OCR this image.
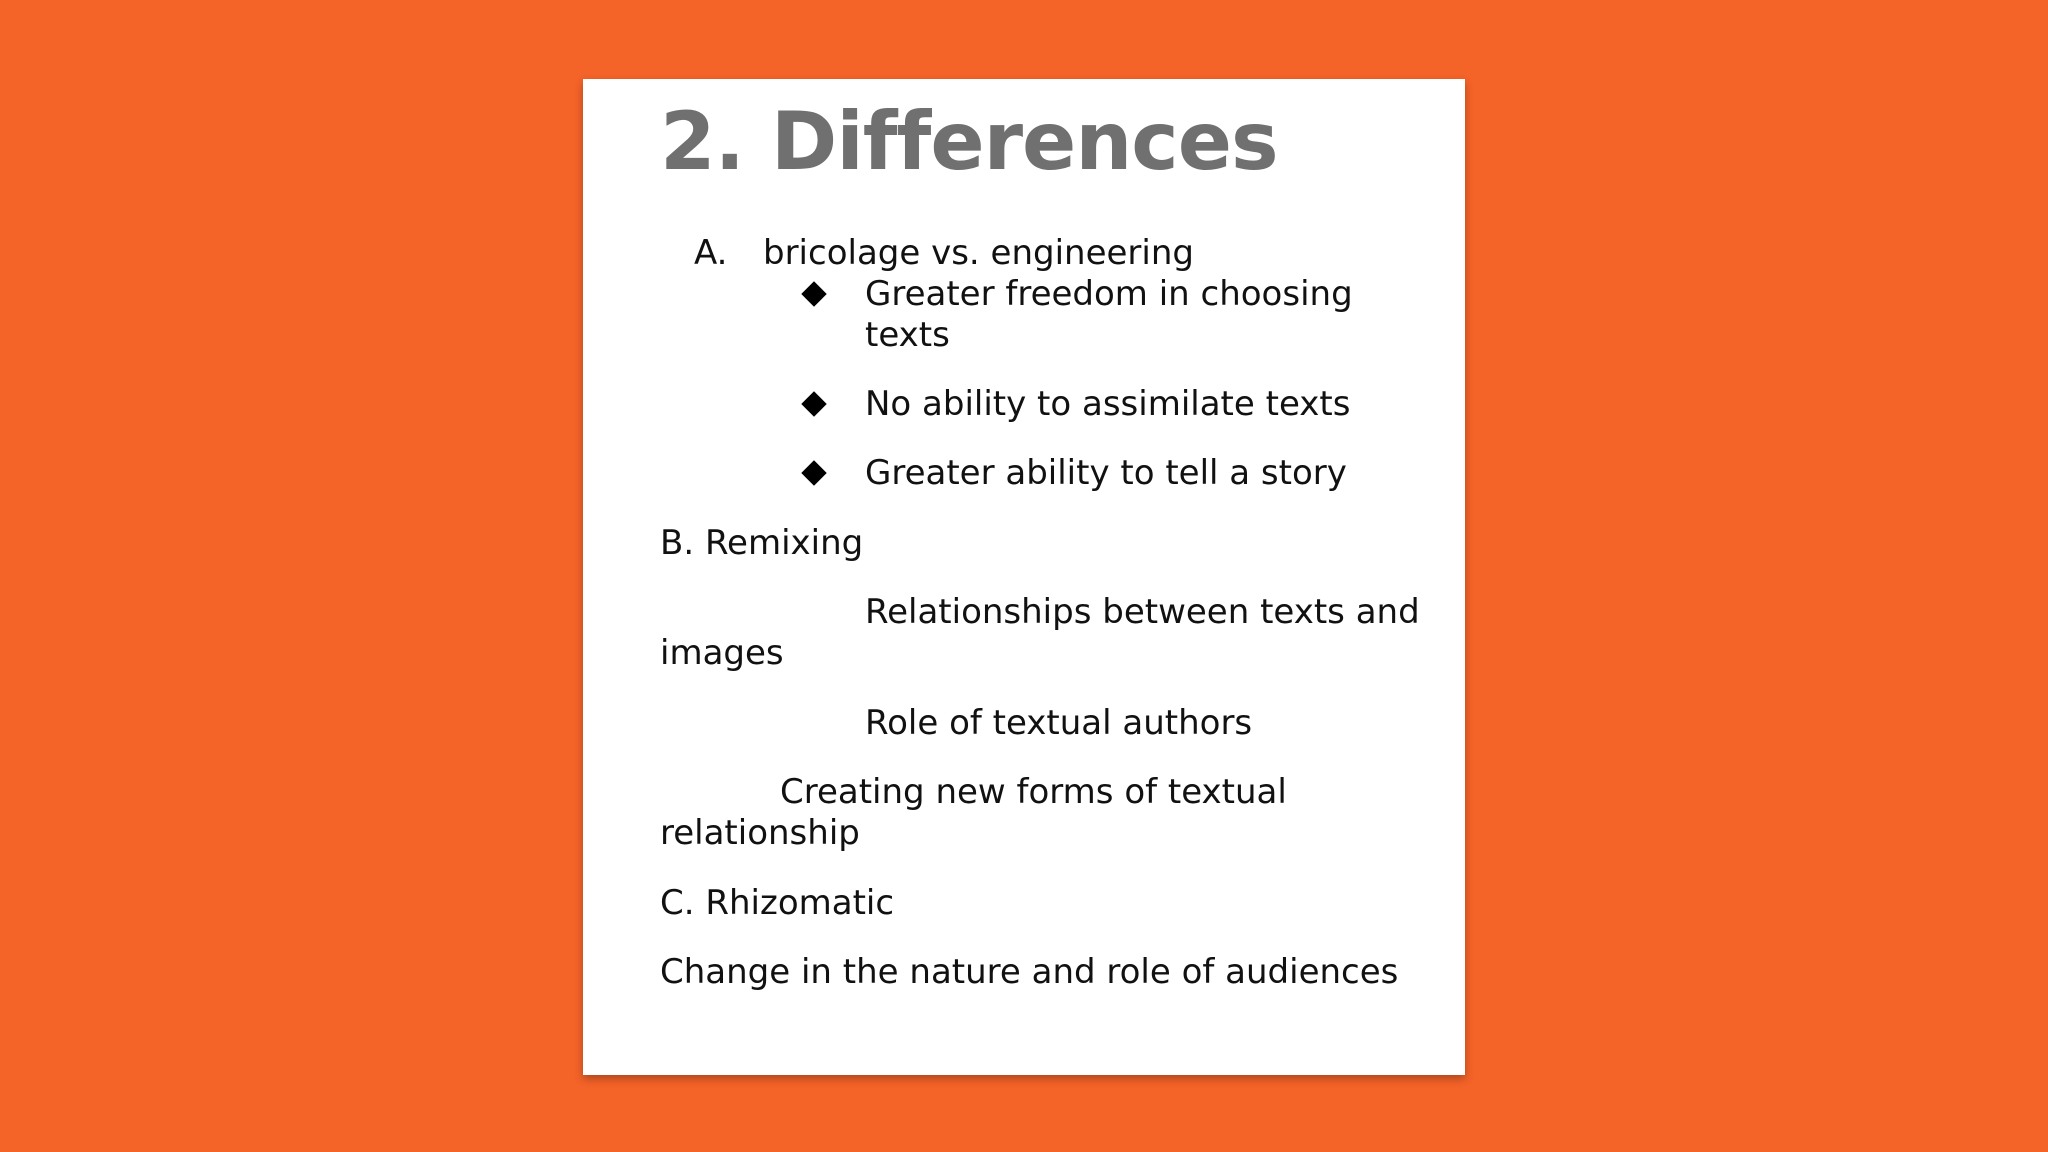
2. Differences

A. bricolage vs. engineering

Greater freedom in choosing

texts

No ability to assimilate texts

Greater ability to tell a story

B. Remixing

Relationships between texts and

images

Role of textual authors

Creating new forms of textual

relationship

C. Rhizomatic

Change in the nature and role of audiences
